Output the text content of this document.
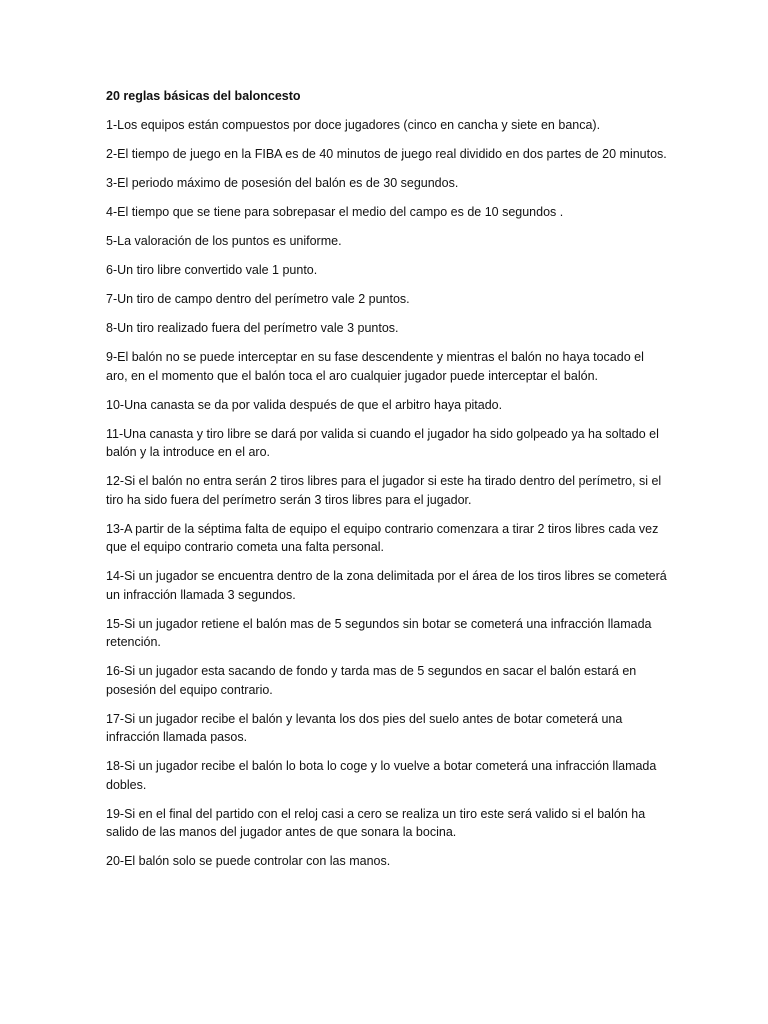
20 reglas básicas del baloncesto
1-Los equipos están compuestos por doce jugadores (cinco en cancha y siete en banca).
2-El tiempo de juego en la FIBA es de 40 minutos de juego real dividido en dos partes de 20 minutos.
3-El periodo máximo de posesión del balón es de 30 segundos.
4-El tiempo que se tiene para sobrepasar el medio del campo es de 10 segundos .
5-La valoración de los puntos es uniforme.
6-Un tiro libre convertido vale 1 punto.
7-Un tiro de campo dentro del perímetro vale 2 puntos.
8-Un tiro realizado fuera del perímetro vale 3 puntos.
9-El balón no se puede interceptar en su fase descendente y mientras el balón no haya tocado el aro, en el momento que el balón toca el aro cualquier jugador puede interceptar el balón.
10-Una canasta se da por valida después de que el arbitro haya pitado.
11-Una canasta y tiro libre se dará por valida si cuando el jugador ha sido golpeado ya ha soltado el balón y la introduce en el aro.
12-Si el balón no entra serán 2 tiros libres para el jugador si este ha tirado dentro del perímetro, si el tiro ha sido fuera del perímetro serán 3 tiros libres para el jugador.
13-A partir de la séptima falta de equipo el equipo contrario comenzara a tirar 2 tiros libres cada vez que el equipo contrario cometa una falta personal.
14-Si un jugador se encuentra dentro de la zona delimitada por el área de los tiros libres se cometerá un infracción llamada 3 segundos.
15-Si un jugador retiene el balón mas de 5 segundos sin botar se cometerá una infracción llamada retención.
16-Si un jugador esta sacando de fondo y tarda mas de 5 segundos en sacar el balón estará en posesión del equipo contrario.
17-Si un jugador recibe el balón y levanta los dos pies del suelo antes de botar cometerá una infracción llamada pasos.
18-Si un jugador recibe el balón lo bota lo coge y lo vuelve a botar cometerá una infracción llamada dobles.
19-Si en el final del partido con el reloj casi a cero se realiza un tiro este será valido si el balón ha salido de las manos del jugador antes de que sonara la bocina.
20-El balón solo se puede controlar con las manos.
